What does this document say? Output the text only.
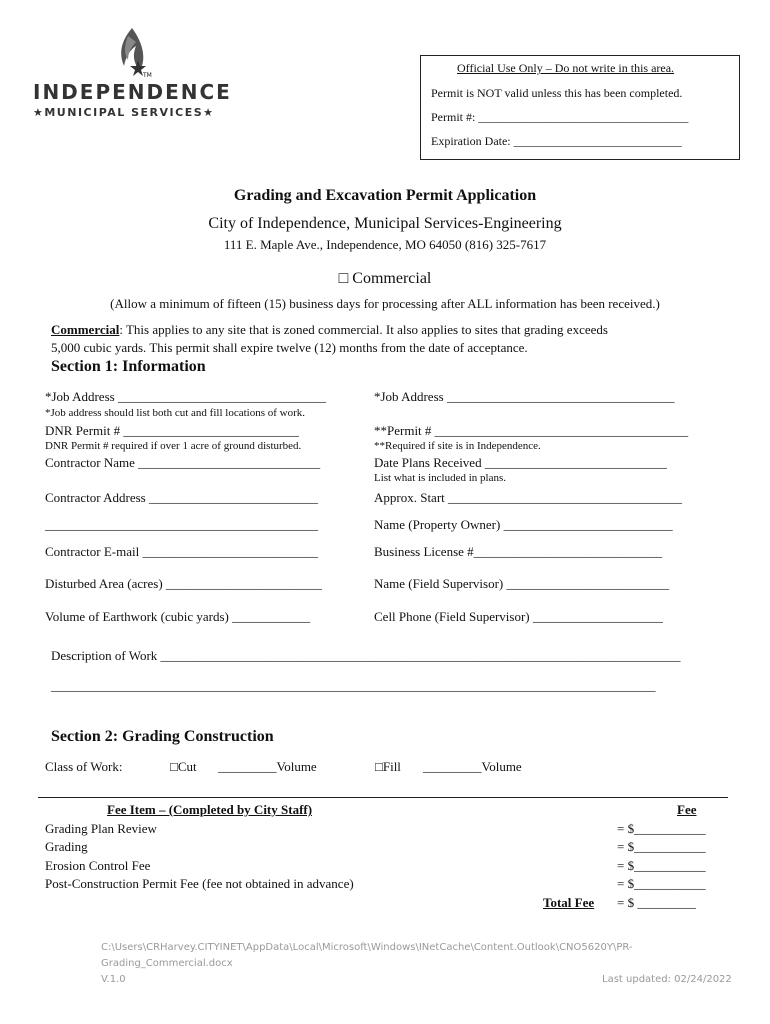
TM
INDEPENDENCE
★MUNICIPAL SERVICES★
Official Use Only – Do not write in this area.
Permit is NOT valid unless this has been completed.
Permit #: ___________________________________
Expiration Date: ____________________________
Grading and Excavation Permit Application
City of Independence, Municipal Services-Engineering
111 E. Maple Ave., Independence, MO 64050 (816) 325-7617
□ Commercial
(Allow a minimum of fifteen (15) business days for processing after ALL information has been received.)
Commercial: This applies to any site that is zoned commercial. It also applies to sites that grading exceeds
5,000 cubic yards. This permit shall expire twelve (12) months from the date of acceptance.
Section 1: Information
*Job Address ________________________________
*Job address should list both cut and fill locations of work.
DNR Permit # ___________________________
DNR Permit # required if over 1 acre of ground disturbed.
Contractor Name ____________________________
Contractor Address __________________________
__________________________________________
Contractor E-mail ___________________________
Disturbed Area (acres) ________________________
Volume of Earthwork (cubic yards) ____________
*Job Address ___________________________________
**Permit # _______________________________________
**Required if site is in Independence.
Date Plans Received ____________________________
List what is included in plans.
Approx. Start ____________________________________
Name (Property Owner) __________________________
Business License #_____________________________
Name (Field Supervisor) _________________________
Cell Phone (Field Supervisor) ____________________
Description of Work ________________________________________________________________________________
_____________________________________________________________________________________________
Section 2: Grading Construction
Class of Work:	□Cut _________Volume	□Fill _________Volume
Fee Item – (Completed by City Staff)	Fee
Grading Plan Review	= $___________
Grading	= $___________
Erosion Control Fee	= $___________
Post-Construction Permit Fee (fee not obtained in advance)	= $___________
Total Fee = $ _________
C:\Users\CRHarvey.CITYINET\AppData\Local\Microsoft\Windows\INetCache\Content.Outlook\CNO5620Y\PR-
Grading_Commercial.docx
V.1.0	Last updated: 02/24/2022
